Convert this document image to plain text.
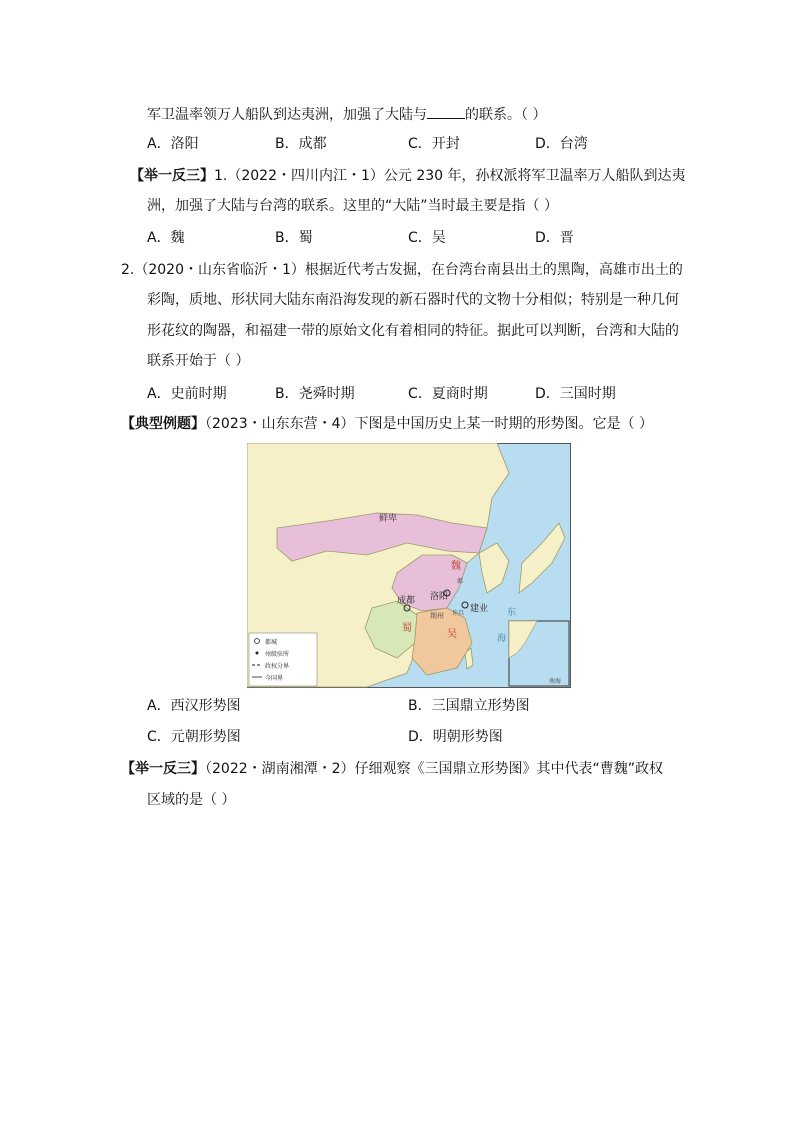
军卫温率领万人船队到达夷洲，加强了大陆与	的联系。（ ）
A．洛阳	B．成都	C．开封	D．台湾
【举一反三】1.（2022・四川内江・1）公元 230 年，孙权派将军卫温率万人船队到达夷
洲，加强了大陆与台湾的联系。这里的“大陆”当时最主要是指（ ）
A．魏	B．蜀	C．吴	D．晋
2.（2020・山东省临沂・1）根据近代考古发掘，在台湾台南县出土的黑陶，高雄市出土的
彩陶，质地、形状同大陆东南沿海发现的新石器时代的文物十分相似；特别是一种几何
形花纹的陶器，和福建一带的原始文化有着相同的特征。据此可以判断，台湾和大陆的
联系开始于（ ）
A．史前时期	B．尧舜时期	C．夏商时期	D．三国时期
【典型例题】（2023・山东东营・4）下图是中国历史上某一时期的形势图。它是（ ）
鲜卑
魏
洛阳
成都
蜀
吴
建业
许昌
邺
荆州
海
东
南海
都城
州级驻所
政权分界
今国界
A．西汉形势图	B．三国鼎立形势图
C．元朝形势图	D．明朝形势图
【举一反三】（2022・湖南湘潭・2）仔细观察《三国鼎立形势图》其中代表“曹魏”政权
区域的是（ ）
